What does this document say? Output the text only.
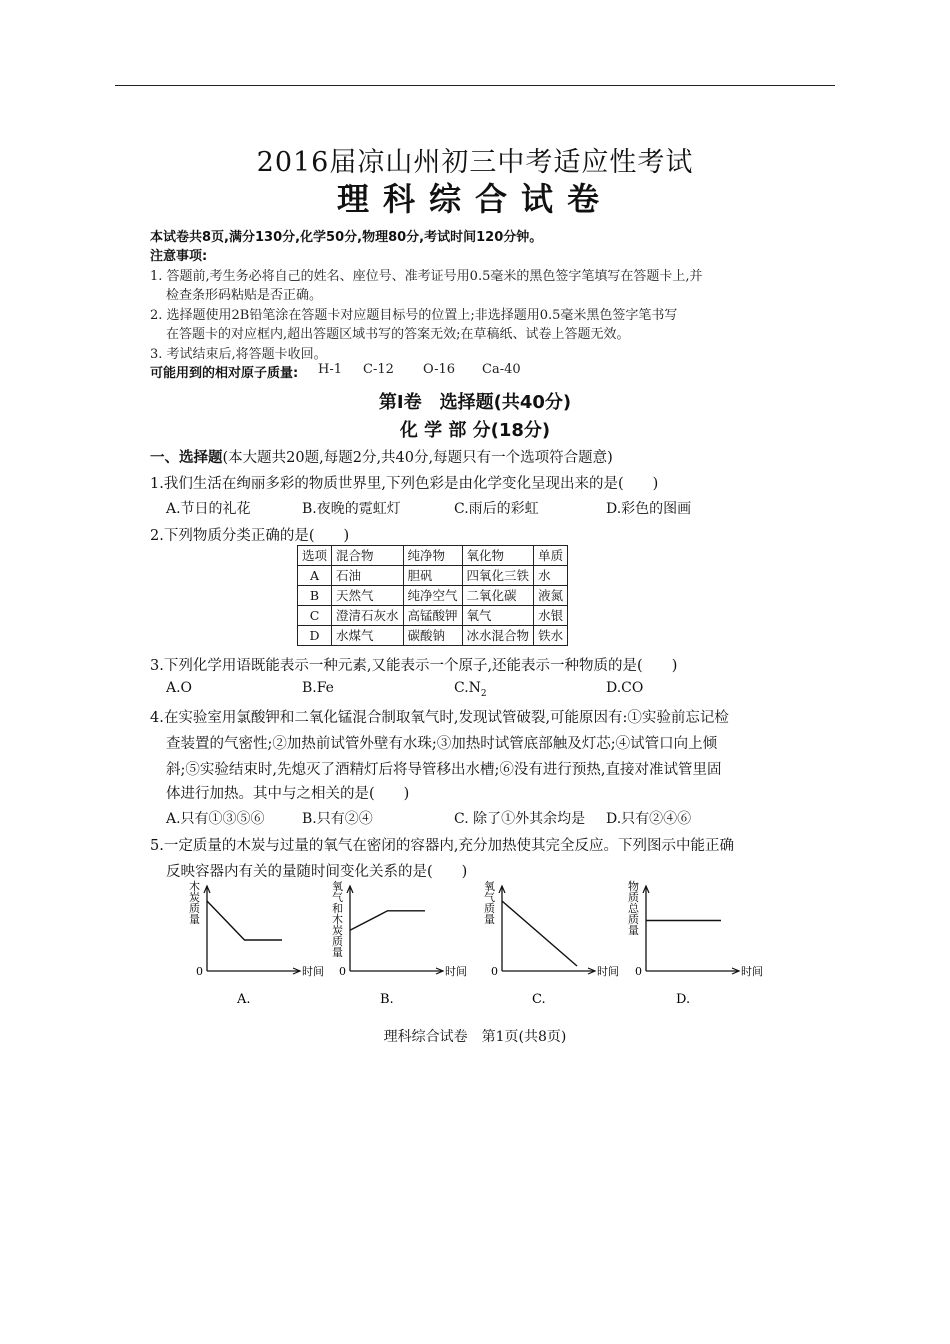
2016届凉山州初三中考适应性考试
理科综合试卷
本试卷共8页,满分130分,化学50分,物理80分,考试时间120分钟。
注意事项:
1. 答题前,考生务必将自己的姓名、座位号、准考证号用0.5毫米的黑色签字笔填写在答题卡上,并
检查条形码粘贴是否正确。
2. 选择题使用2B铅笔涂在答题卡对应题目标号的位置上;非选择题用0.5毫米黑色签字笔书写
在答题卡的对应框内,超出答题区域书写的答案无效;在草稿纸、试卷上答题无效。
3. 考试结束后,将答题卡收回。
可能用到的相对原子质量: H-1 C-12 O-16 Ca-40
第Ⅰ卷　选择题(共40分)
化 学 部 分(18分)
一、选择题(本大题共20题,每题2分,共40分,每题只有一个选项符合题意)
1.我们生活在绚丽多彩的物质世界里,下列色彩是由化学变化呈现出来的是(　　)
A.节日的礼花	B.夜晚的霓虹灯	C.雨后的彩虹	D.彩色的图画
2.下列物质分类正确的是(　　)
选项	混合物	纯净物	氧化物	单质
A	石油	胆矾	四氧化三铁	水
B	天然气	纯净空气	二氧化碳	液氮
C	澄清石灰水	高锰酸钾	氧气	水银
D	水煤气	碳酸钠	冰水混合物	铁水
3.下列化学用语既能表示一种元素,又能表示一个原子,还能表示一种物质的是(　　)
A.O	B.Fe	$C.N_2$	D.CO
4.在实验室用氯酸钾和二氧化锰混合制取氧气时,发现试管破裂,可能原因有:①实验前忘记检
查装置的气密性;②加热前试管外壁有水珠;③加热时试管底部触及灯芯;④试管口向上倾
斜;⑤实验结束时,先熄灭了酒精灯后将导管移出水槽;⑥没有进行预热,直接对准试管里固
体进行加热。其中与之相关的是(　　)
A.只有①③⑤⑥	B.只有②④	C. 除了①外其余均是 D.只有②④⑥
5.一定质量的木炭与过量的氧气在密闭的容器内,充分加热使其完全反应。下列图示中能正确
反映容器内有关的量随时间变化关系的是(　　)
0	时间
木炭质量
A.
0	时间
氧气和木炭质量
B.
0	时间
氧气质量
C.
0	时间
物质总质量
D.
理科综合试卷　第1页(共8页)
